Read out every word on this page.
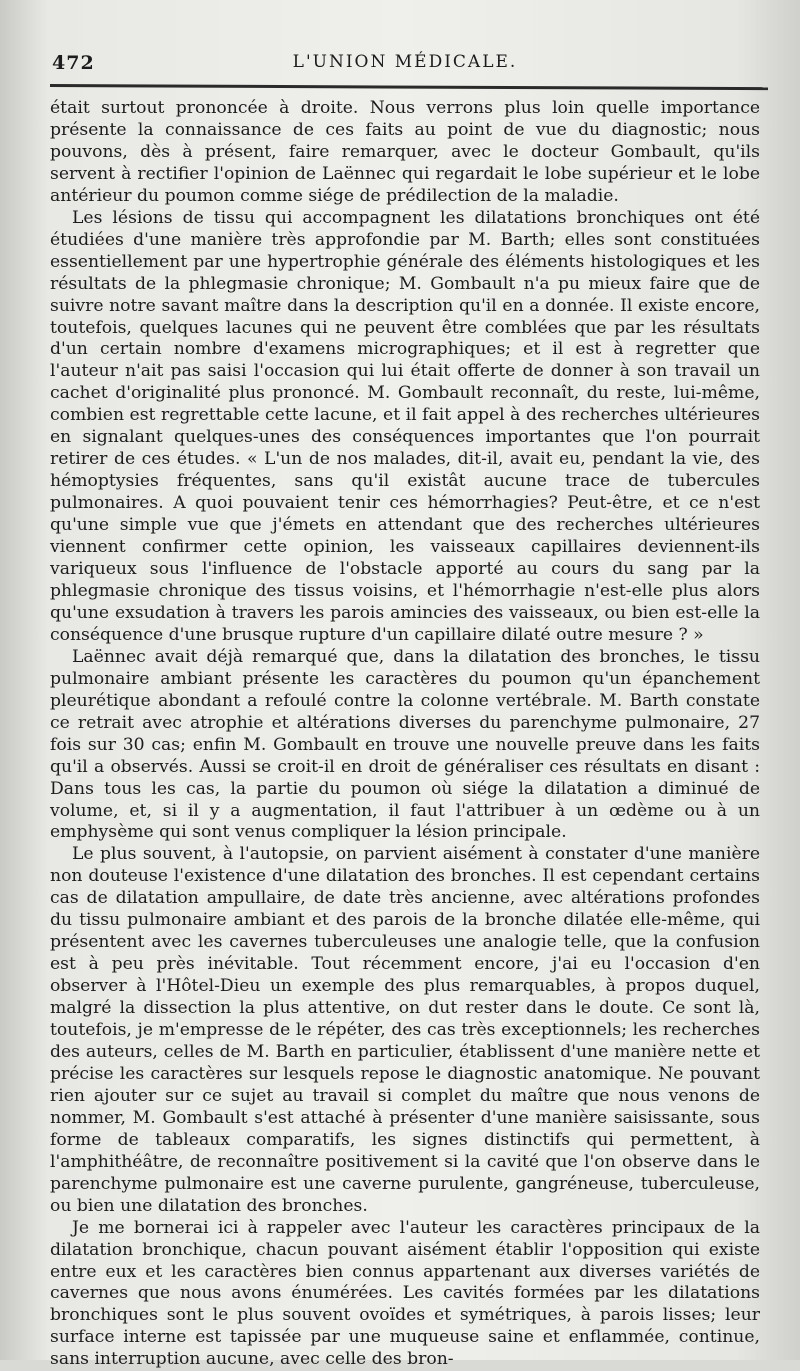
472	L'UNION MÉDICALE.

était surtout prononcée à droite. Nous verrons plus loin quelle importance présente la connaissance de ces faits au point de vue du diagnostic; nous pouvons, dès à présent, faire remarquer, avec le docteur Gombault, qu'ils servent à rectifier l'opinion de Laënnec qui regardait le lobe supérieur et le lobe antérieur du poumon comme siége de prédilection de la maladie.

Les lésions de tissu qui accompagnent les dilatations bronchiques ont été étudiées d'une manière très approfondie par M. Barth; elles sont constituées essentiellement par une hypertrophie générale des éléments histologiques et les résultats de la phlegmasie chronique; M. Gombault n'a pu mieux faire que de suivre notre savant maître dans la description qu'il en a donnée. Il existe encore, toutefois, quelques lacunes qui ne peuvent être comblées que par les résultats d'un certain nombre d'examens micrographiques; et il est à regretter que l'auteur n'ait pas saisi l'occasion qui lui était offerte de donner à son travail un cachet d'originalité plus prononcé. M. Gombault reconnaît, du reste, lui-même, combien est regrettable cette lacune, et il fait appel à des recherches ultérieures en signalant quelques-unes des conséquences importantes que l'on pourrait retirer de ces études. « L'un de nos malades, dit-il, avait eu, pendant la vie, des hémoptysies fréquentes, sans qu'il existât aucune trace de tubercules pulmonaires. A quoi pouvaient tenir ces hémorrhagies? Peut-être, et ce n'est qu'une simple vue que j'émets en attendant que des recherches ultérieures viennent confirmer cette opinion, les vaisseaux capillaires deviennent-ils variqueux sous l'influence de l'obstacle apporté au cours du sang par la phlegmasie chronique des tissus voisins, et l'hémorrhagie n'est-elle plus alors qu'une exsudation à travers les parois amincies des vaisseaux, ou bien est-elle la conséquence d'une brusque rupture d'un capillaire dilaté outre mesure ? »

Laënnec avait déjà remarqué que, dans la dilatation des bronches, le tissu pulmonaire ambiant présente les caractères du poumon qu'un épanchement pleurétique abondant a refoulé contre la colonne vertébrale. M. Barth constate ce retrait avec atrophie et altérations diverses du parenchyme pulmonaire, 27 fois sur 30 cas; enfin M. Gombault en trouve une nouvelle preuve dans les faits qu'il a observés. Aussi se croit-il en droit de généraliser ces résultats en disant : Dans tous les cas, la partie du poumon où siége la dilatation a diminué de volume, et, si il y a augmentation, il faut l'attribuer à un œdème ou à un emphysème qui sont venus compliquer la lésion principale.

Le plus souvent, à l'autopsie, on parvient aisément à constater d'une manière non douteuse l'existence d'une dilatation des bronches. Il est cependant certains cas de dilatation ampullaire, de date très ancienne, avec altérations profondes du tissu pulmonaire ambiant et des parois de la bronche dilatée elle-même, qui présentent avec les cavernes tuberculeuses une analogie telle, que la confusion est à peu près inévitable. Tout récemment encore, j'ai eu l'occasion d'en observer à l'Hôtel-Dieu un exemple des plus remarquables, à propos duquel, malgré la dissection la plus attentive, on dut rester dans le doute. Ce sont là, toutefois, je m'empresse de le répéter, des cas très exceptionnels; les recherches des auteurs, celles de M. Barth en particulier, établissent d'une manière nette et précise les caractères sur lesquels repose le diagnostic anatomique. Ne pouvant rien ajouter sur ce sujet au travail si complet du maître que nous venons de nommer, M. Gombault s'est attaché à présenter d'une manière saisissante, sous forme de tableaux comparatifs, les signes distinctifs qui permettent, à l'amphithéâtre, de reconnaître positivement si la cavité que l'on observe dans le parenchyme pulmonaire est une caverne purulente, gangréneuse, tuberculeuse, ou bien une dilatation des bronches.

Je me bornerai ici à rappeler avec l'auteur les caractères principaux de la dilatation bronchique, chacun pouvant aisément établir l'opposition qui existe entre eux et les caractères bien connus appartenant aux diverses variétés de cavernes que nous avons énumérées. Les cavités formées par les dilatations bronchiques sont le plus souvent ovoïdes et symétriques, à parois lisses; leur surface interne est tapissée par une muqueuse saine et enflammée, continue, sans interruption aucune, avec celle des bron-
